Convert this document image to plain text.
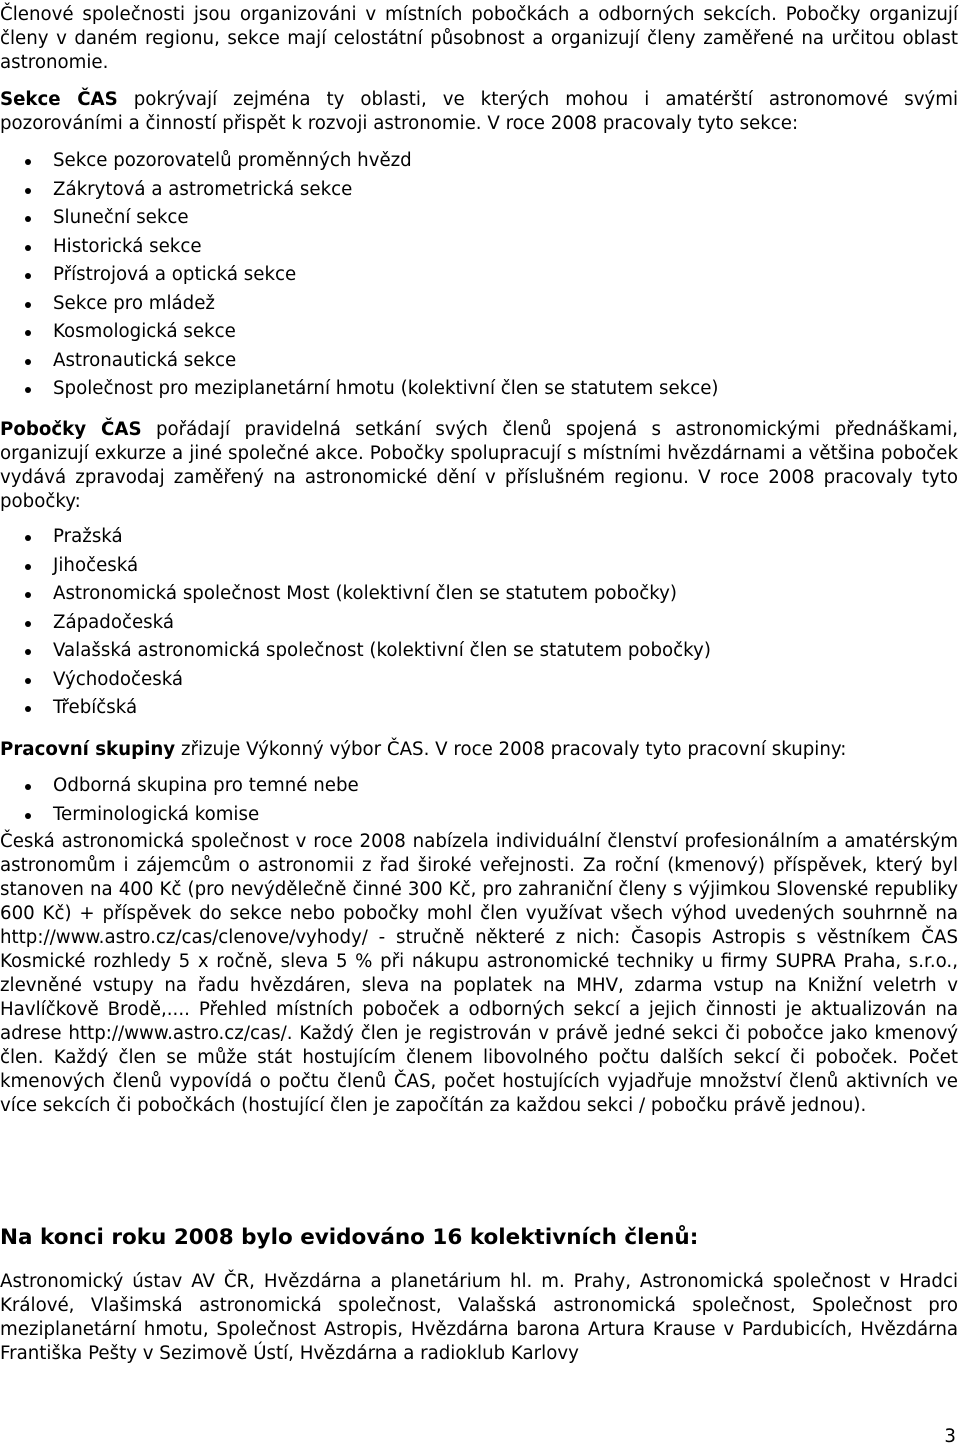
Členové společnosti jsou organizováni v místních pobočkách a odborných sekcích. Pobočky organizují členy v daném regionu, sekce mají celostátní působnost a organizují členy zaměřené na určitou oblast astronomie.

Sekce ČAS pokrývají zejména ty oblasti, ve kterých mohou i amatérští astronomové svými pozorováními a činností přispět k rozvoji astronomie. V roce 2008 pracovaly tyto sekce:

Sekce pozorovatelů proměnných hvězd
Zákrytová a astrometrická sekce
Sluneční sekce
Historická sekce
Přístrojová a optická sekce
Sekce pro mládež
Kosmologická sekce
Astronautická sekce
Společnost pro meziplanetární hmotu (kolektivní člen se statutem sekce)

Pobočky ČAS pořádají pravidelná setkání svých členů spojená s astronomickými přednáškami, organizují exkurze a jiné společné akce. Pobočky spolupracují s místními hvězdárnami a většina poboček vydává zpravodaj zaměřený na astronomické dění v příslušném regionu. V roce 2008 pracovaly tyto pobočky:

Pražská
Jihočeská
Astronomická společnost Most (kolektivní člen se statutem pobočky)
Západočeská
Valašská astronomická společnost (kolektivní člen se statutem pobočky)
Východočeská
Třebíčská

Pracovní skupiny zřizuje Výkonný výbor ČAS. V roce 2008 pracovaly tyto pracovní skupiny:

Odborná skupina pro temné nebe
Terminologická komise

Česká astronomická společnost v roce 2008 nabízela individuální členství profesionálním a amatérským astronomům i zájemcům o astronomii z řad široké veřejnosti. Za roční (kmenový) příspěvek, který byl stanoven na 400 Kč (pro nevýdělečně činné 300 Kč, pro zahraniční členy s výjimkou Slovenské republiky 600 Kč) + příspěvek do sekce nebo pobočky mohl člen využívat všech výhod uvedených souhrnně na http://www.astro.cz/cas/clenove/vyhody/ - stručně některé z nich: Časopis Astropis s věstníkem ČAS Kosmické rozhledy 5 x ročně, sleva 5 % při nákupu astronomické techniky u firmy SUPRA Praha, s.r.o., zlevněné vstupy na řadu hvězdáren, sleva na poplatek na MHV, zdarma vstup na Knižní veletrh v Havlíčkově Brodě,.... Přehled místních poboček a odborných sekcí a jejich činnosti je aktualizován na adrese http://www.astro.cz/cas/. Každý člen je registrován v právě jedné sekci či pobočce jako kmenový člen. Každý člen se může stát hostujícím členem libovolného počtu dalších sekcí či poboček. Počet kmenových členů vypovídá o počtu členů ČAS, počet hostujících vyjadřuje množství členů aktivních ve více sekcích či pobočkách (hostující člen je započítán za každou sekci / pobočku právě jednou).

Na konci roku 2008 bylo evidováno 16 kolektivních členů:

Astronomický ústav AV ČR, Hvězdárna a planetárium hl. m. Prahy, Astronomická společnost v Hradci Králové, Vlašimská astronomická společnost, Valašská astronomická společnost, Společnost pro meziplanetární hmotu, Společnost Astropis, Hvězdárna barona Artura Krause v Pardubicích, Hvězdárna Františka Pešty v Sezimově Ústí, Hvězdárna a radioklub Karlovy

3
